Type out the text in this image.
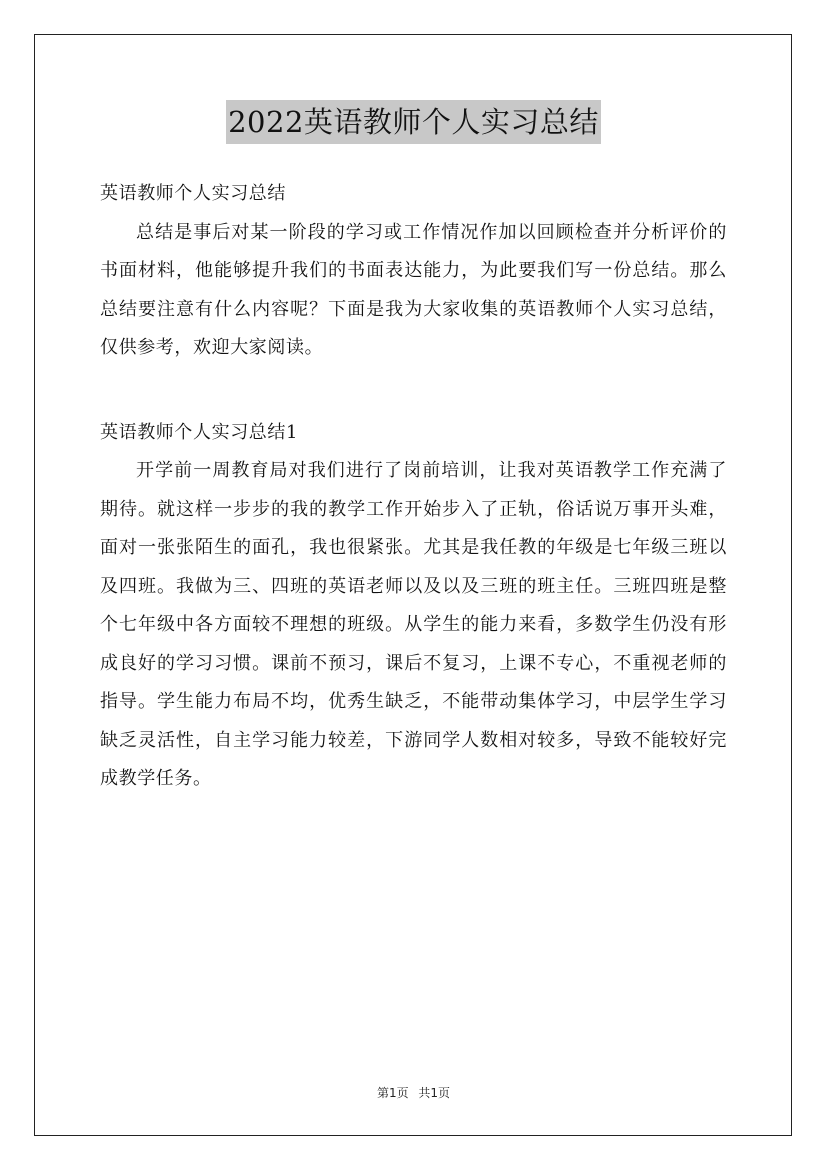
2022英语教师个人实习总结

英语教师个人实习总结

总结是事后对某一阶段的学习或工作情况作加以回顾检查并分析评价的书面材料，他能够提升我们的书面表达能力，为此要我们写一份总结。那么总结要注意有什么内容呢？下面是我为大家收集的英语教师个人实习总结，仅供参考，欢迎大家阅读。

英语教师个人实习总结1

开学前一周教育局对我们进行了岗前培训，让我对英语教学工作充满了期待。就这样一步步的我的教学工作开始步入了正轨，俗话说万事开头难，面对一张张陌生的面孔，我也很紧张。尤其是我任教的年级是七年级三班以及四班。我做为三、四班的英语老师以及以及三班的班主任。三班四班是整个七年级中各方面较不理想的班级。从学生的能力来看，多数学生仍没有形成良好的学习习惯。课前不预习，课后不复习，上课不专心，不重视老师的指导。学生能力布局不均，优秀生缺乏，不能带动集体学习，中层学生学习缺乏灵活性，自主学习能力较差，下游同学人数相对较多，导致不能较好完成教学任务。

第1页 共1页
